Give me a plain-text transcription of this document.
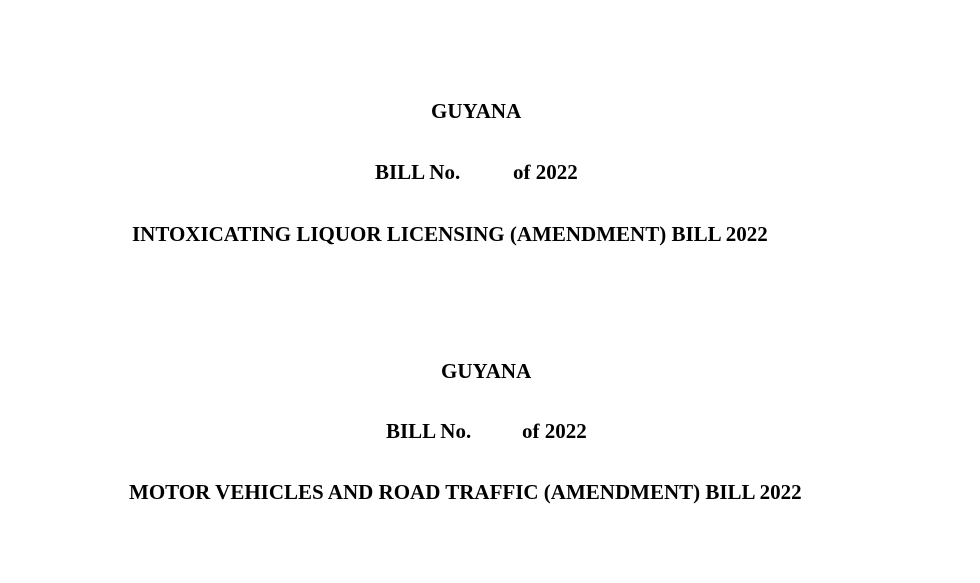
GUYANA
BILL No.	of 2022
INTOXICATING LIQUOR LICENSING (AMENDMENT) BILL 2022
GUYANA
BILL No. of 2022
MOTOR VEHICLES AND ROAD TRAFFIC (AMENDMENT) BILL 2022
